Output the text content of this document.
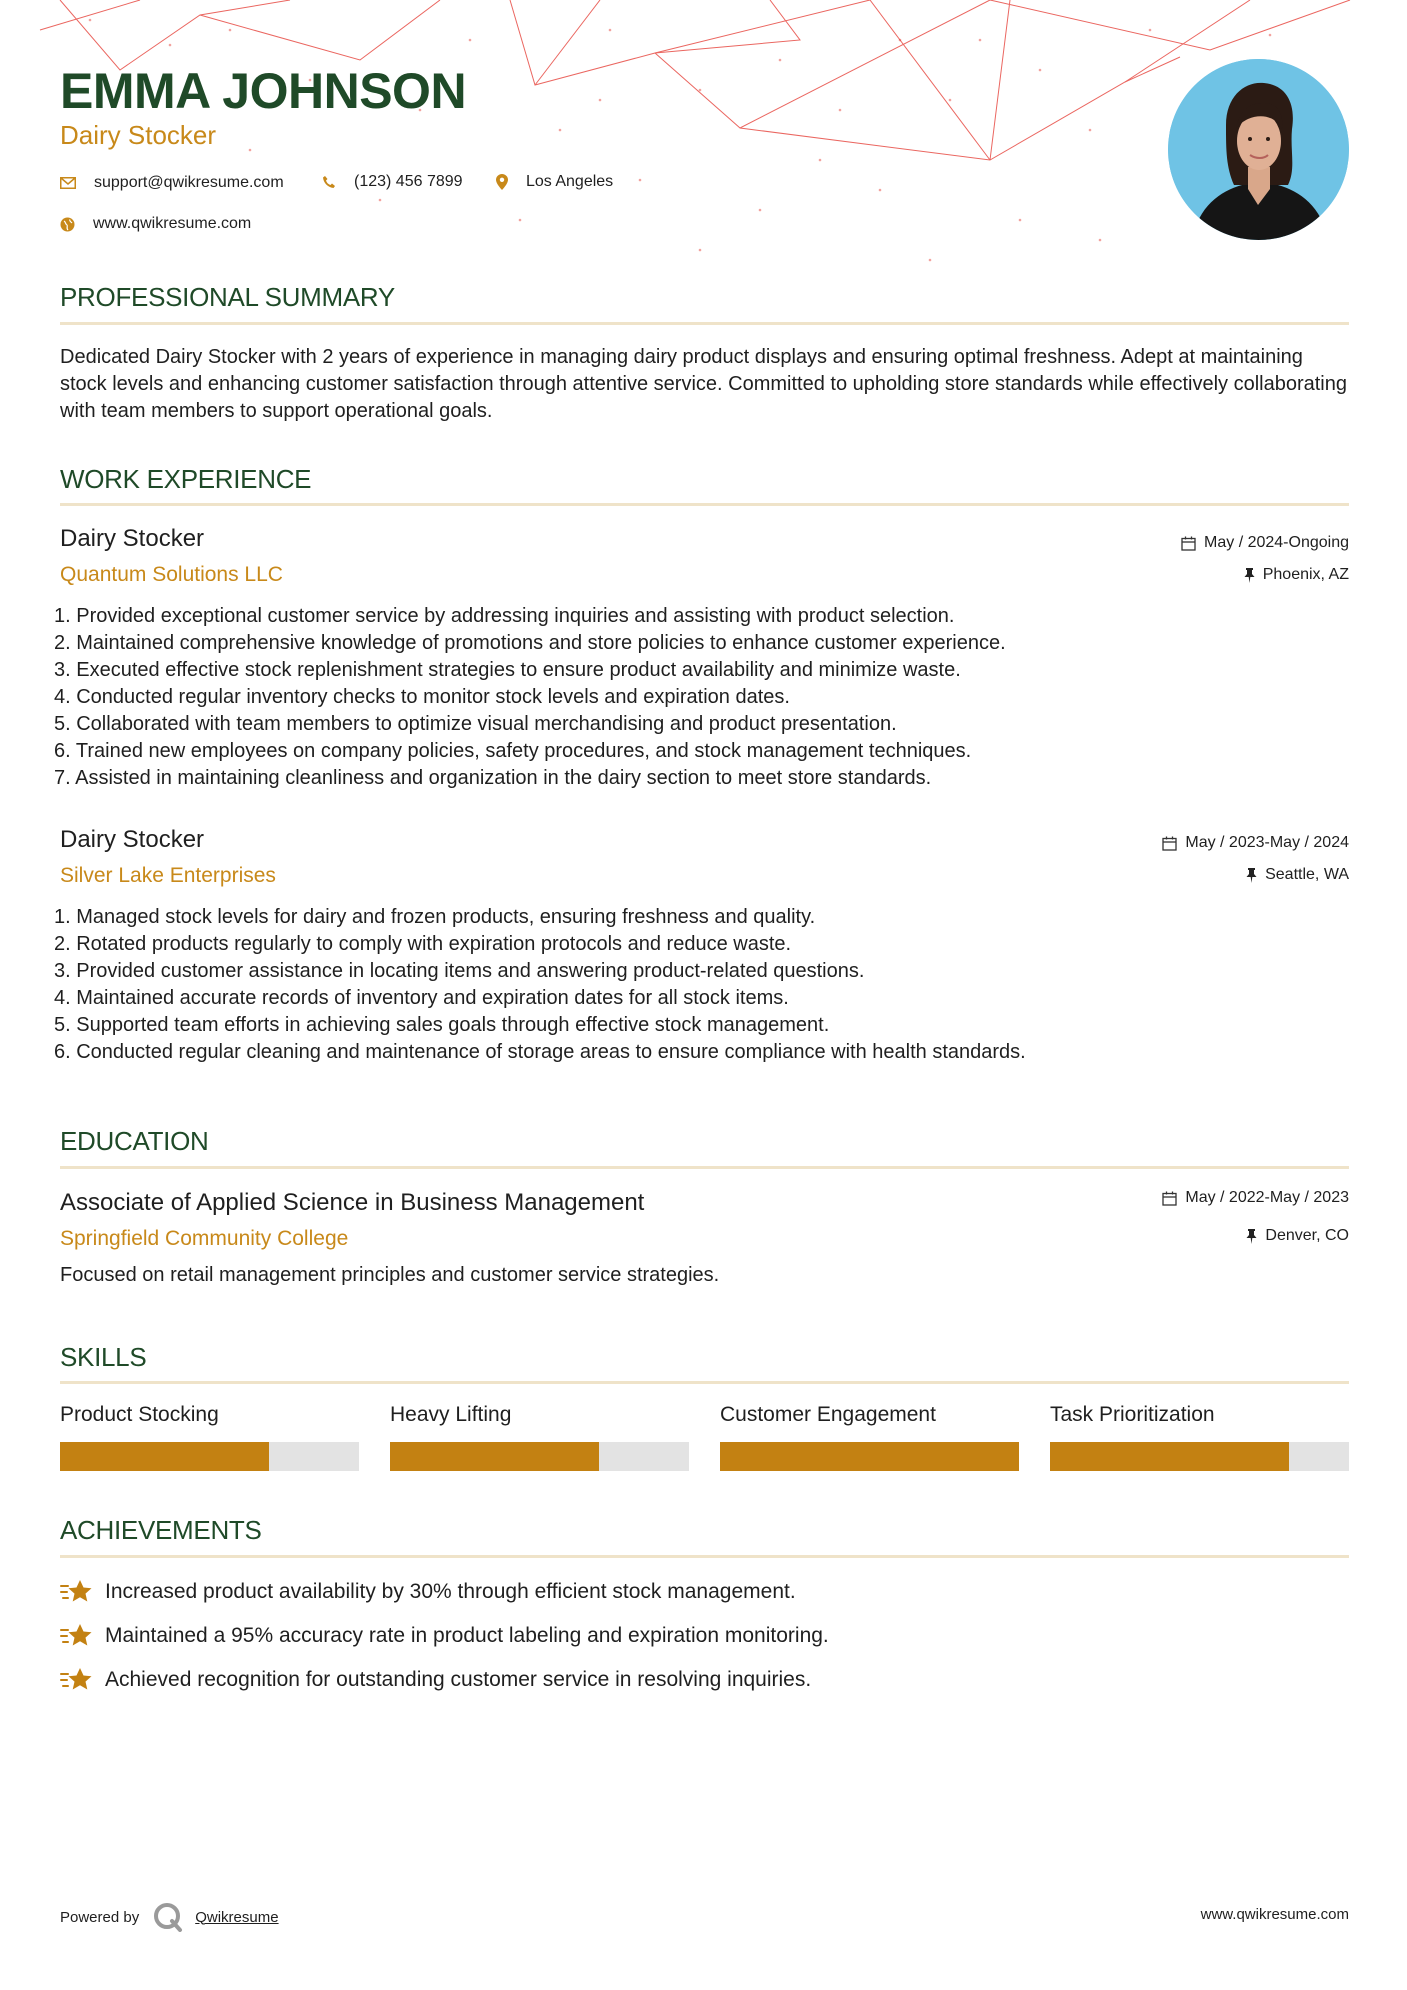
EMMA JOHNSON
Dairy Stocker
support@qwikresume.com	(123) 456 7899	Los Angeles
www.qwikresume.com
PROFESSIONAL SUMMARY
Dedicated Dairy Stocker with 2 years of experience in managing dairy product displays and ensuring optimal freshness. Adept at maintaining stock levels and enhancing customer satisfaction through attentive service. Committed to upholding store standards while effectively collaborating with team members to support operational goals.
WORK EXPERIENCE
Dairy Stocker
Quantum Solutions LLC
May / 2024-Ongoing
Phoenix, AZ
1. Provided exceptional customer service by addressing inquiries and assisting with product selection.
2. Maintained comprehensive knowledge of promotions and store policies to enhance customer experience.
3. Executed effective stock replenishment strategies to ensure product availability and minimize waste.
4. Conducted regular inventory checks to monitor stock levels and expiration dates.
5. Collaborated with team members to optimize visual merchandising and product presentation.
6. Trained new employees on company policies, safety procedures, and stock management techniques.
7. Assisted in maintaining cleanliness and organization in the dairy section to meet store standards.
Dairy Stocker
Silver Lake Enterprises
May / 2023-May / 2024
Seattle, WA
1. Managed stock levels for dairy and frozen products, ensuring freshness and quality.
2. Rotated products regularly to comply with expiration protocols and reduce waste.
3. Provided customer assistance in locating items and answering product-related questions.
4. Maintained accurate records of inventory and expiration dates for all stock items.
5. Supported team efforts in achieving sales goals through effective stock management.
6. Conducted regular cleaning and maintenance of storage areas to ensure compliance with health standards.
EDUCATION
Associate of Applied Science in Business Management
Springfield Community College
May / 2022-May / 2023
Denver, CO
Focused on retail management principles and customer service strategies.
SKILLS
Product Stocking	Heavy Lifting	Customer Engagement	Task Prioritization
ACHIEVEMENTS
Increased product availability by 30% through efficient stock management.
Maintained a 95% accuracy rate in product labeling and expiration monitoring.
Achieved recognition for outstanding customer service in resolving inquiries.
Powered by	Qwikresume	www.qwikresume.com
